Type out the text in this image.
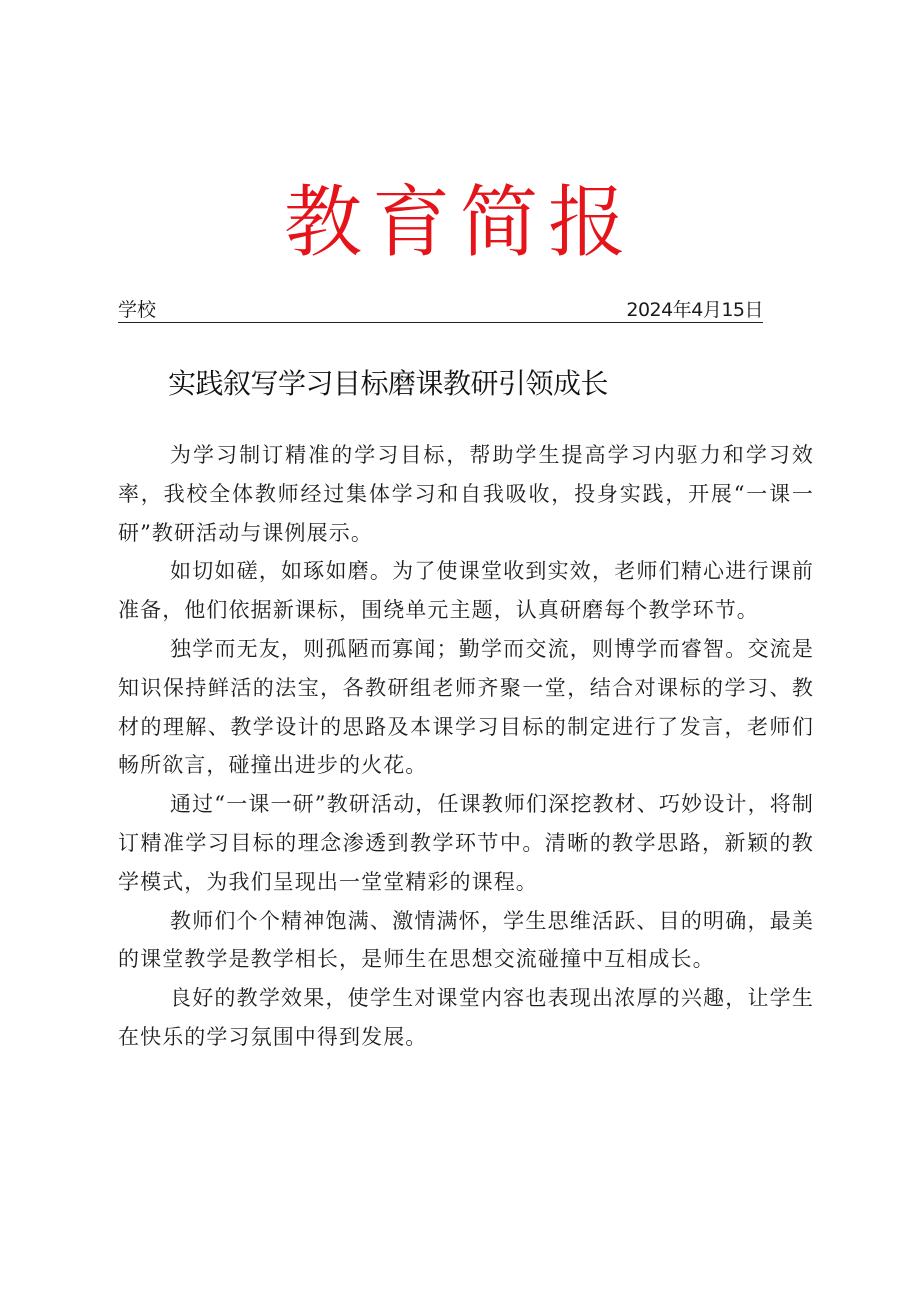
教育简报
学校	2024年4月15日
实践叙写学习目标磨课教研引领成长

为学习制订精准的学习目标，帮助学生提高学习内驱力和学习效率，我校全体教师经过集体学习和自我吸收，投身实践，开展“一课一研”教研活动与课例展示。

如切如磋，如琢如磨。为了使课堂收到实效，老师们精心进行课前准备，他们依据新课标，围绕单元主题，认真研磨每个教学环节。

独学而无友，则孤陋而寡闻；勤学而交流，则博学而睿智。交流是知识保持鲜活的法宝，各教研组老师齐聚一堂，结合对课标的学习、教材的理解、教学设计的思路及本课学习目标的制定进行了发言，老师们畅所欲言，碰撞出进步的火花。

通过“一课一研”教研活动，任课教师们深挖教材、巧妙设计，将制订精准学习目标的理念渗透到教学环节中。清晰的教学思路，新颖的教学模式，为我们呈现出一堂堂精彩的课程。

教师们个个精神饱满、激情满怀，学生思维活跃、目的明确，最美的课堂教学是教学相长，是师生在思想交流碰撞中互相成长。

良好的教学效果，使学生对课堂内容也表现出浓厚的兴趣，让学生在快乐的学习氛围中得到发展。
